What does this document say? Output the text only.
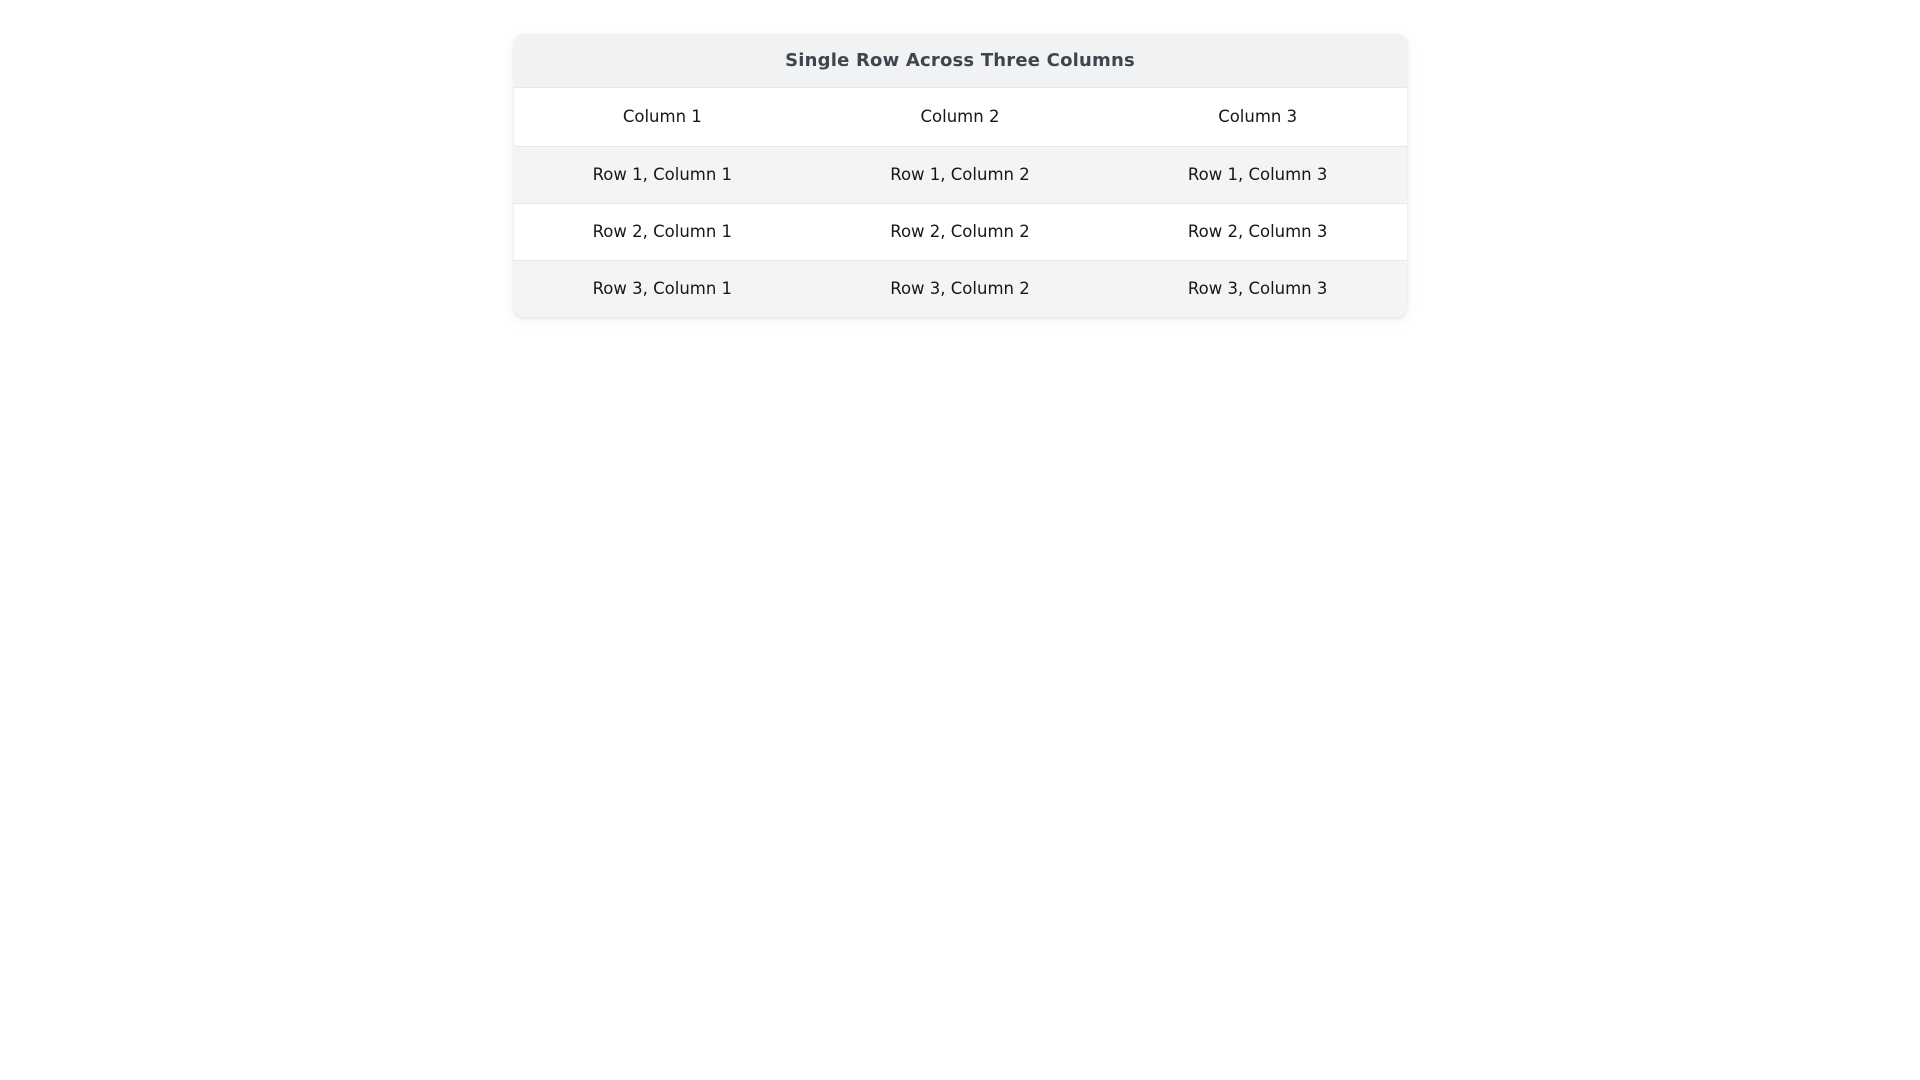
Single Row Across Three Columns
Column 1	Column 2	Column 3
Row 1, Column 1	Row 1, Column 2	Row 1, Column 3
Row 2, Column 1	Row 2, Column 2	Row 2, Column 3
Row 3, Column 1	Row 3, Column 2	Row 3, Column 3
